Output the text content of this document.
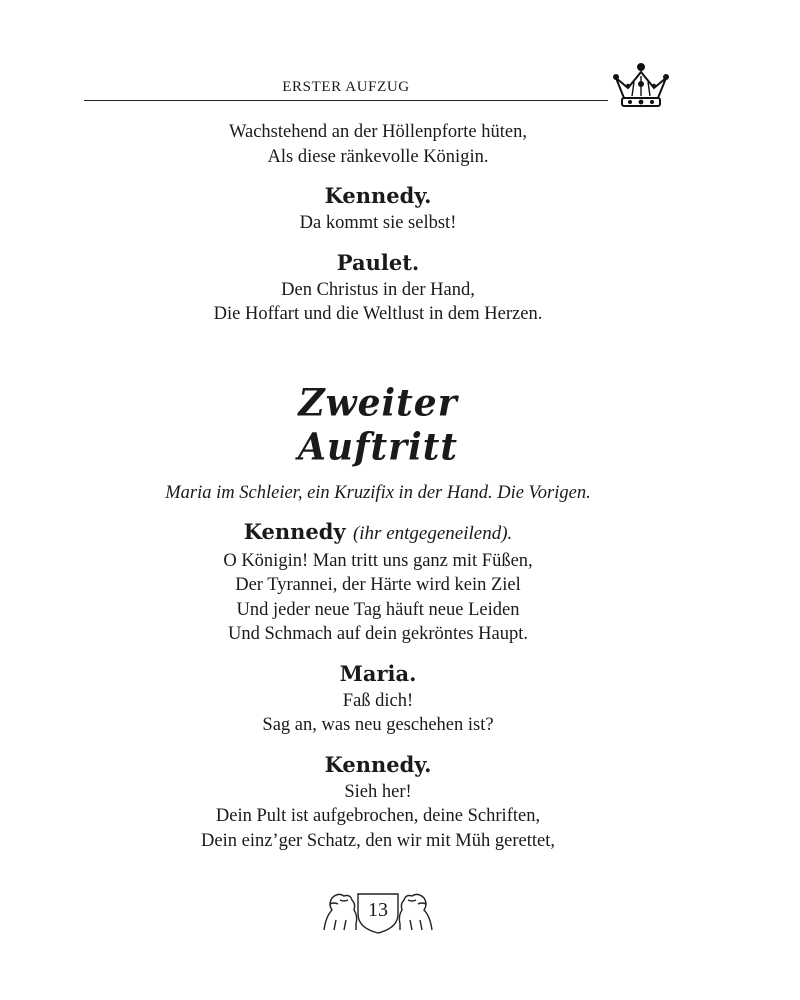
ERSTER AUFZUG

Wachstehend an der Höllenpforte hüten,

Als diese ränkevolle Königin.

Kennedy.

Da kommt sie selbst!

Paulet.

Den Christus in der Hand,

Die Hoffart und die Weltlust in dem Herzen.

Zweiter
Auftritt

Maria im Schleier, ein Kruzifix in der Hand. Die Vorigen.

Kennedy (ihr entgegeneilend).

O Königin! Man tritt uns ganz mit Füßen,

Der Tyrannei, der Härte wird kein Ziel

Und jeder neue Tag häuft neue Leiden

Und Schmach auf dein gekröntes Haupt.

Maria.

Faß dich!

Sag an, was neu geschehen ist?

Kennedy.

Sieh her!

Dein Pult ist aufgebrochen, deine Schriften,

Dein einz’ger Schatz, den wir mit Müh gerettet,

13
